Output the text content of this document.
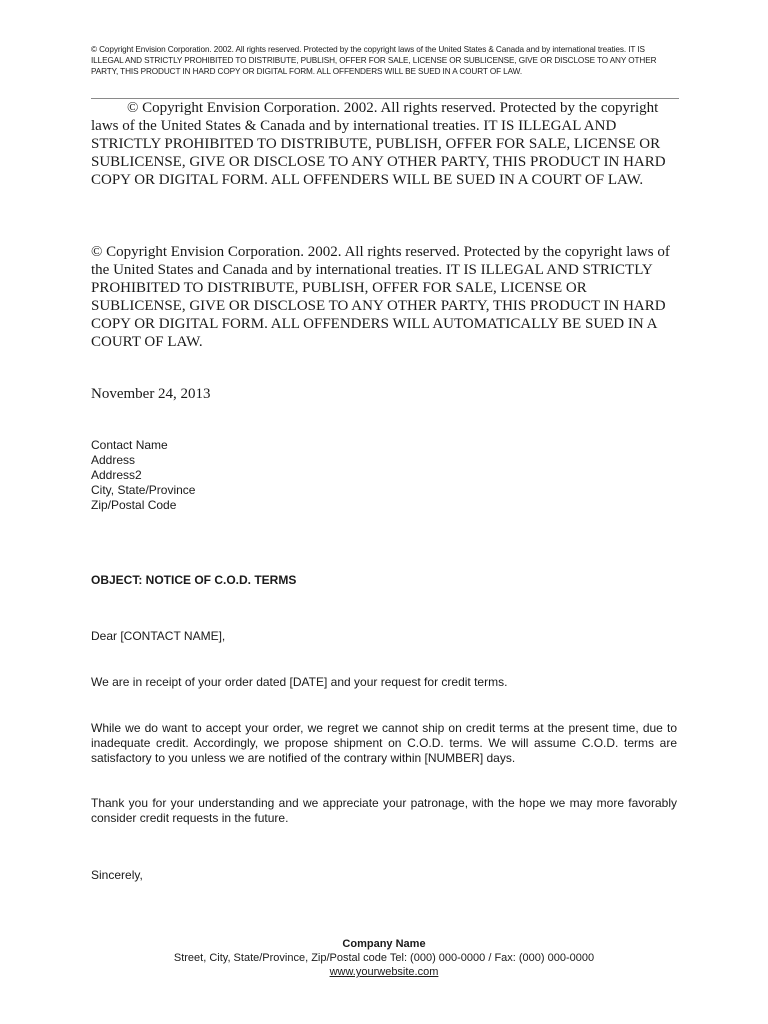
© Copyright Envision Corporation. 2002. All rights reserved. Protected by the copyright laws of the United States & Canada and by international treaties. IT IS ILLEGAL AND STRICTLY PROHIBITED TO DISTRIBUTE, PUBLISH, OFFER FOR SALE, LICENSE OR SUBLICENSE, GIVE OR DISCLOSE TO ANY OTHER PARTY, THIS PRODUCT IN HARD COPY OR DIGITAL FORM. ALL OFFENDERS WILL BE SUED IN A COURT OF LAW.
© Copyright Envision Corporation. 2002. All rights reserved. Protected by the copyright laws of the United States & Canada and by international treaties. IT IS ILLEGAL AND STRICTLY PROHIBITED TO DISTRIBUTE, PUBLISH, OFFER FOR SALE, LICENSE OR SUBLICENSE, GIVE OR DISCLOSE TO ANY OTHER PARTY, THIS PRODUCT IN HARD COPY OR DIGITAL FORM. ALL OFFENDERS WILL BE SUED IN A COURT OF LAW.
© Copyright Envision Corporation. 2002. All rights reserved. Protected by the copyright laws of the United States and Canada and by international treaties. IT IS ILLEGAL AND STRICTLY PROHIBITED TO DISTRIBUTE, PUBLISH, OFFER FOR SALE, LICENSE OR SUBLICENSE, GIVE OR DISCLOSE TO ANY OTHER PARTY, THIS PRODUCT IN HARD COPY OR DIGITAL FORM. ALL OFFENDERS WILL AUTOMATICALLY BE SUED IN A COURT OF LAW.
November 24, 2013
Contact Name
Address
Address2
City, State/Province
Zip/Postal Code
OBJECT: NOTICE OF C.O.D. TERMS
Dear [CONTACT NAME],
We are in receipt of your order dated [DATE] and your request for credit terms.
While we do want to accept your order, we regret we cannot ship on credit terms at the present time, due to inadequate credit. Accordingly, we propose shipment on C.O.D. terms. We will assume C.O.D. terms are satisfactory to you unless we are notified of the contrary within [NUMBER] days.
Thank you for your understanding and we appreciate your patronage, with the hope we may more favorably consider credit requests in the future.
Sincerely,
Company Name
Street, City, State/Province, Zip/Postal code Tel: (000) 000-0000 / Fax: (000) 000-0000
www.yourwebsite.com
